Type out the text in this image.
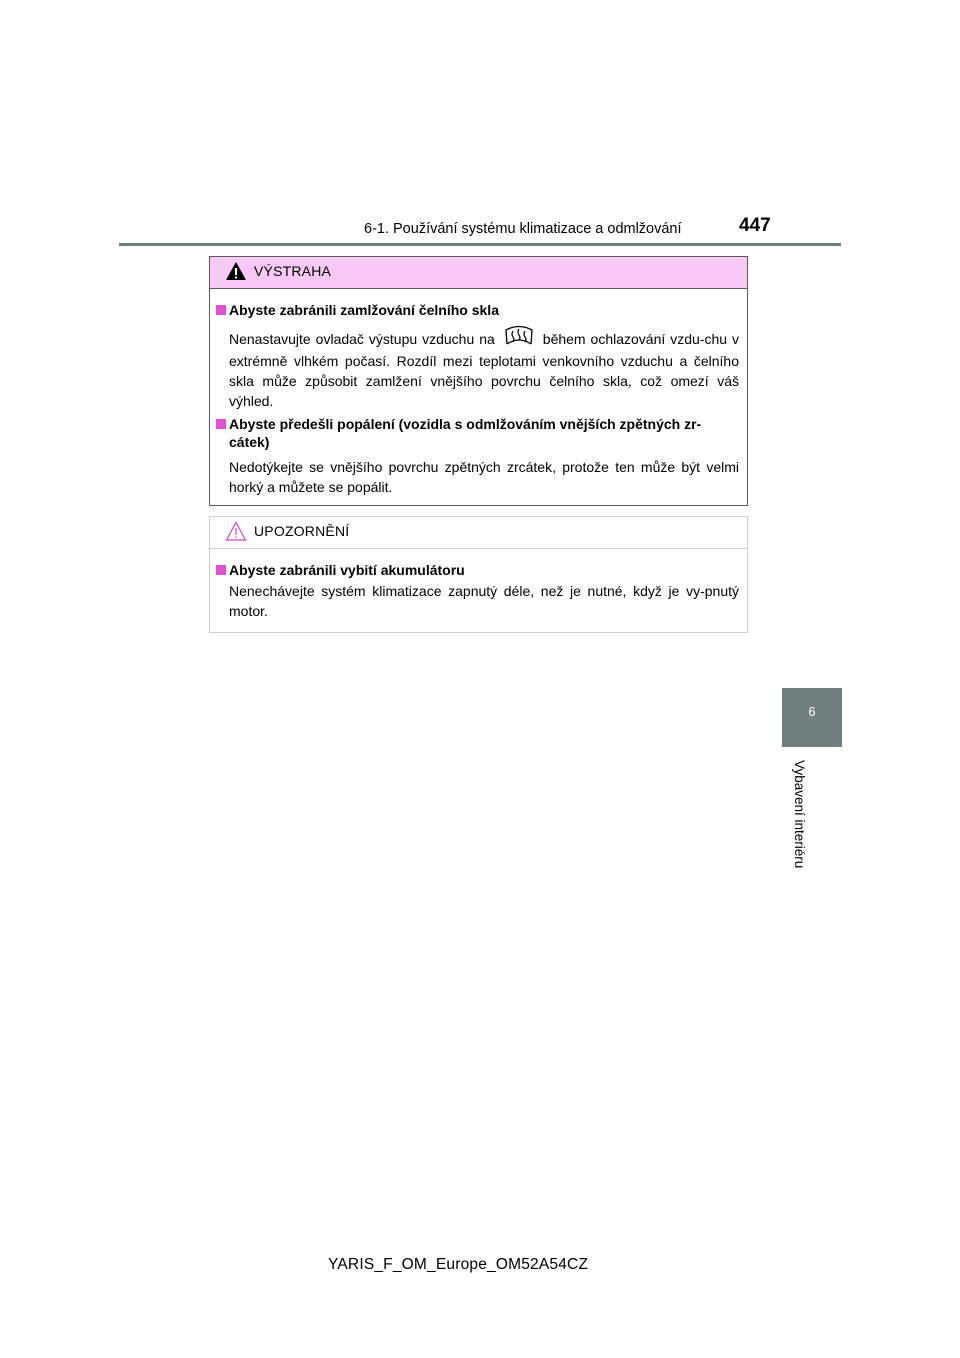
6-1. Používání systému klimatizace a odmlžování	447
6
Vybavení interiéru
VÝSTRAHA
Abyste zabránili zamlžování čelního skla
Nenastavujte ovladač výstupu vzduchu na	během ochlazování vzdu-chu v extrémně vlhkém počasí. Rozdíl mezi teplotami venkovního vzduchu a čelního skla může způsobit zamlžení vnějšího povrchu čelního skla, což omezí váš výhled.
Abyste předešli popálení (vozidla s odmlžováním vnějších zpětných zr-cátek)
Nedotýkejte se vnějšího povrchu zpětných zrcátek, protože ten může být velmi horký a můžete se popálit.
UPOZORNĚNÍ
Abyste zabránili vybití akumulátoru
Nenechávejte systém klimatizace zapnutý déle, než je nutné, když je vy-pnutý motor.
YARIS_F_OM_Europe_OM52A54CZ
